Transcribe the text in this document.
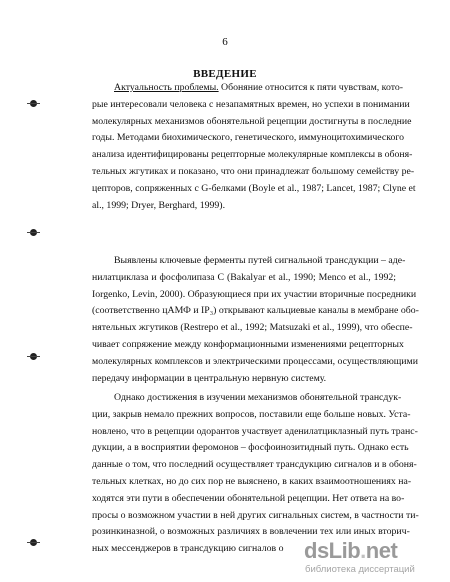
6
ВВЕДЕНИЕ
Актуальность проблемы. Обоняние относится к пяти чувствам, кото-
рые интересовали человека с незапамятных времен, но успехи в понимании
молекулярных механизмов обонятельной рецепции достигнуты в последние
годы. Методами биохимического, генетического, иммуноцитохимического
анализа идентифицированы рецепторные молекулярные комплексы в обоня-
тельных жгутиках и показано, что они принадлежат большому семейству ре-
цепторов, сопряженных с G-белками (Boyle et al., 1987; Lancet, 1987; Clyne et
al., 1999; Dryer, Berghard, 1999).
Выявлены ключевые ферменты путей сигнальной трансдукции – аде-
нилатциклаза и фосфолипаза С (Bakalyar et al., 1990; Menco et al., 1992;
Iorgenko, Levin, 2000). Образующиеся при их участии вторичные посредники
(соответственно цАМФ и IP₃) открывают кальциевые каналы в мембране обо-
нятельных жгутиков (Restrepo et al., 1992; Matsuzaki et al., 1999), что обеспе-
чивает сопряжение между конформационными изменениями рецепторных
молекулярных комплексов и электрическими процессами, осуществляющими
передачу информации в центральную нервную систему.
Однако достижения в изучении механизмов обонятельной трансдук-
ции, закрыв немало прежних вопросов, поставили еще больше новых. Уста-
новлено, что в рецепции одорантов участвует аденилатциклазный путь транс-
дукции, а в восприятии феромонов – фосфоинозитидный путь. Однако есть
данные о том, что последний осуществляет трансдукцию сигналов и в обоня-
тельных клетках, но до сих пор не выяснено, в каких взаимоотношениях на-
ходятся эти пути в обеспечении обонятельной рецепции. Нет ответа на во-
просы о возможном участии в ней других сигнальных систем, в частности ти-
розинкиназной, о возможных различиях в вовлечении тех или иных вторич-
ных мессенджеров в трансдукцию сигналов о dsLib.net
библиотека диссертаций
